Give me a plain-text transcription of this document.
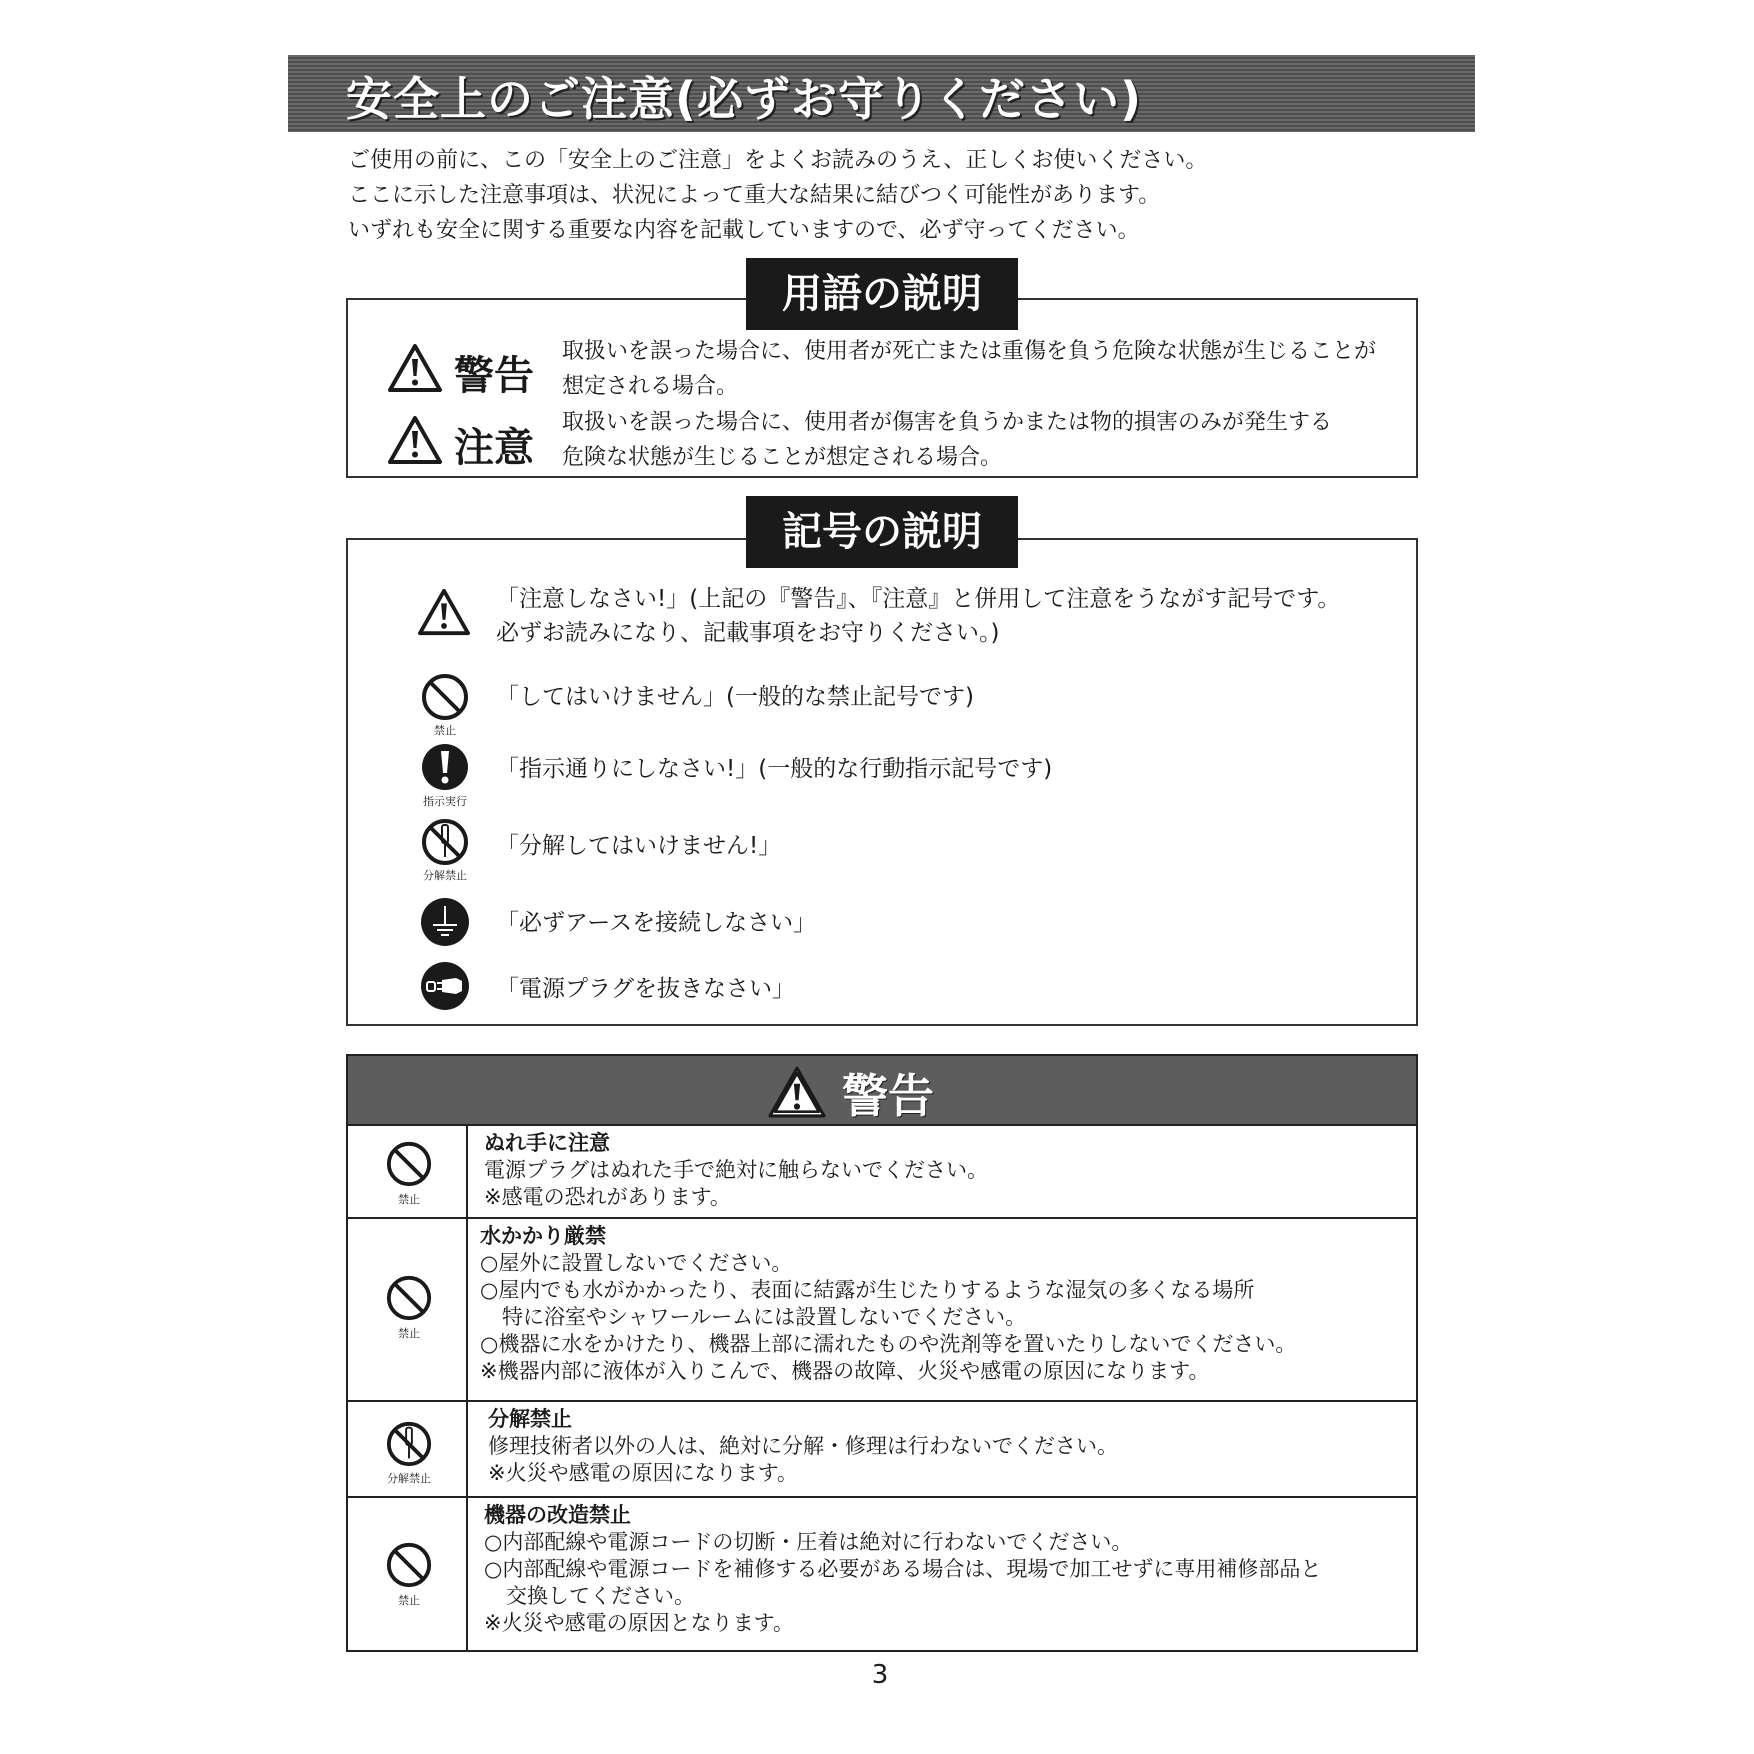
安全上のご注意(必ずお守りください)
ご使用の前に、この「安全上のご注意」をよくお読みのうえ、正しくお使いください。
ここに示した注意事項は、状況によって重大な結果に結びつく可能性があります。
いずれも安全に関する重要な内容を記載していますので、必ず守ってください。
用語の説明
警告
取扱いを誤った場合に、使用者が死亡または重傷を負う危険な状態が生じることが
想定される場合。
注意
取扱いを誤った場合に、使用者が傷害を負うかまたは物的損害のみが発生する
危険な状態が生じることが想定される場合。
記号の説明
「注意しなさい!」(上記の『警告』、『注意』と併用して注意をうながす記号です。
必ずお読みになり、記載事項をお守りください。)
禁止
「してはいけません」(一般的な禁止記号です)
指示実行
「指示通りにしなさい!」(一般的な行動指示記号です)
分解禁止
「分解してはいけません!」
「必ずアースを接続しなさい」
「電源プラグを抜きなさい」
警告
禁止
ぬれ手に注意
電源プラグはぬれた手で絶対に触らないでください。
※感電の恐れがあります。
禁止
水かかり厳禁
○屋外に設置しないでください。
○屋内でも水がかかったり、表面に結露が生じたりするような湿気の多くなる場所
特に浴室やシャワールームには設置しないでください。
○機器に水をかけたり、機器上部に濡れたものや洗剤等を置いたりしないでください。
※機器内部に液体が入りこんで、機器の故障、火災や感電の原因になります。
分解禁止
分解禁止
修理技術者以外の人は、絶対に分解・修理は行わないでください。
※火災や感電の原因になります。
禁止
機器の改造禁止
○内部配線や電源コードの切断・圧着は絶対に行わないでください。
○内部配線や電源コードを補修する必要がある場合は、現場で加工せずに専用補修部品と
交換してください。
※火災や感電の原因となります。
3
